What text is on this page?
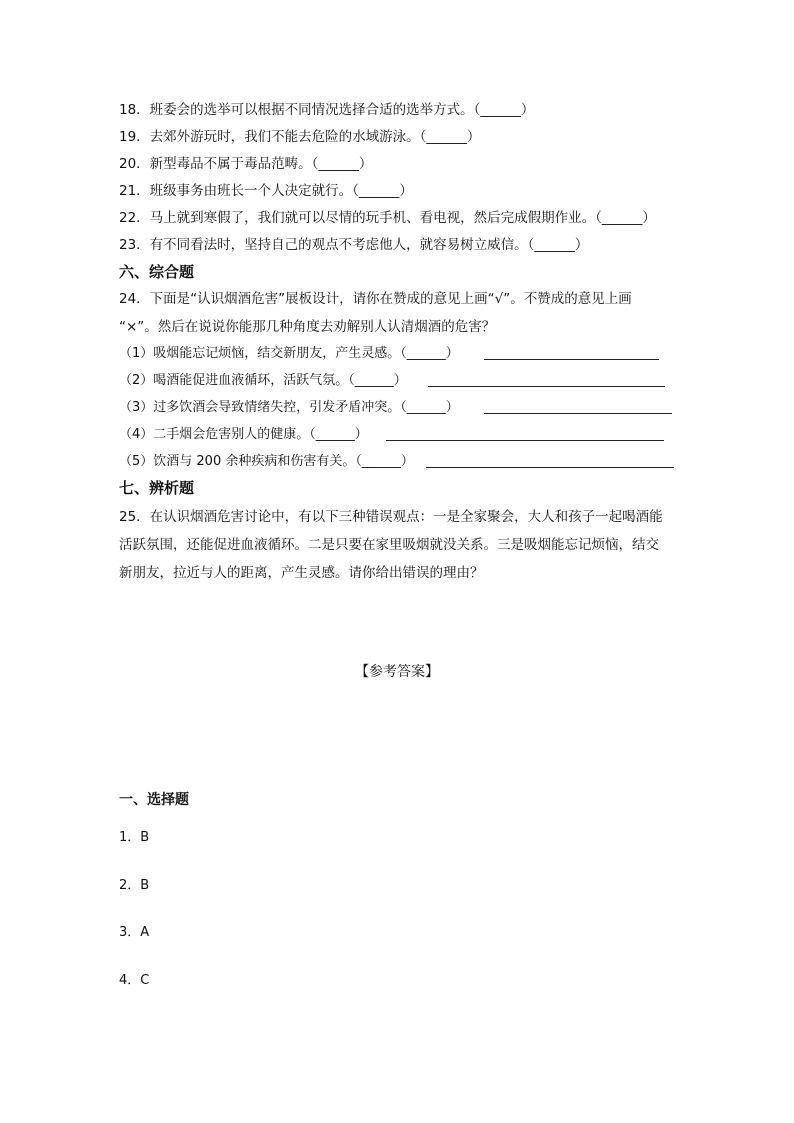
18．班委会的选举可以根据不同情况选择合适的选举方式。（______）
19．去郊外游玩时，我们不能去危险的水域游泳。（______）
20．新型毒品不属于毒品范畴。（______）
21．班级事务由班长一个人决定就行。（______）
22．马上就到寒假了，我们就可以尽情的玩手机、看电视，然后完成假期作业。（______）
23．有不同看法时，坚持自己的观点不考虑他人，就容易树立威信。（______）
六、综合题
24．下面是“认识烟酒危害”展板设计，请你在赞成的意见上画“√”。不赞成的意见上画
“×”。然后在说说你能那几种角度去劝解别人认清烟酒的危害？
（1）吸烟能忘记烦恼，结交新朋友，产生灵感。（______）
（2）喝酒能促进血液循环，活跃气氛。（______）
（3）过多饮酒会导致情绪失控，引发矛盾冲突。（______）
（4）二手烟会危害别人的健康。（______）
（5）饮酒与 200 余种疾病和伤害有关。（______）
七、辨析题
25．在认识烟酒危害讨论中，有以下三种错误观点：一是全家聚会，大人和孩子一起喝酒能
活跃氛围，还能促进血液循环。二是只要在家里吸烟就没关系。三是吸烟能忘记烦恼，结交
新朋友，拉近与人的距离，产生灵感。请你给出错误的理由？
【参考答案】
一、选择题
1．B
2．B
3．A
4．C
